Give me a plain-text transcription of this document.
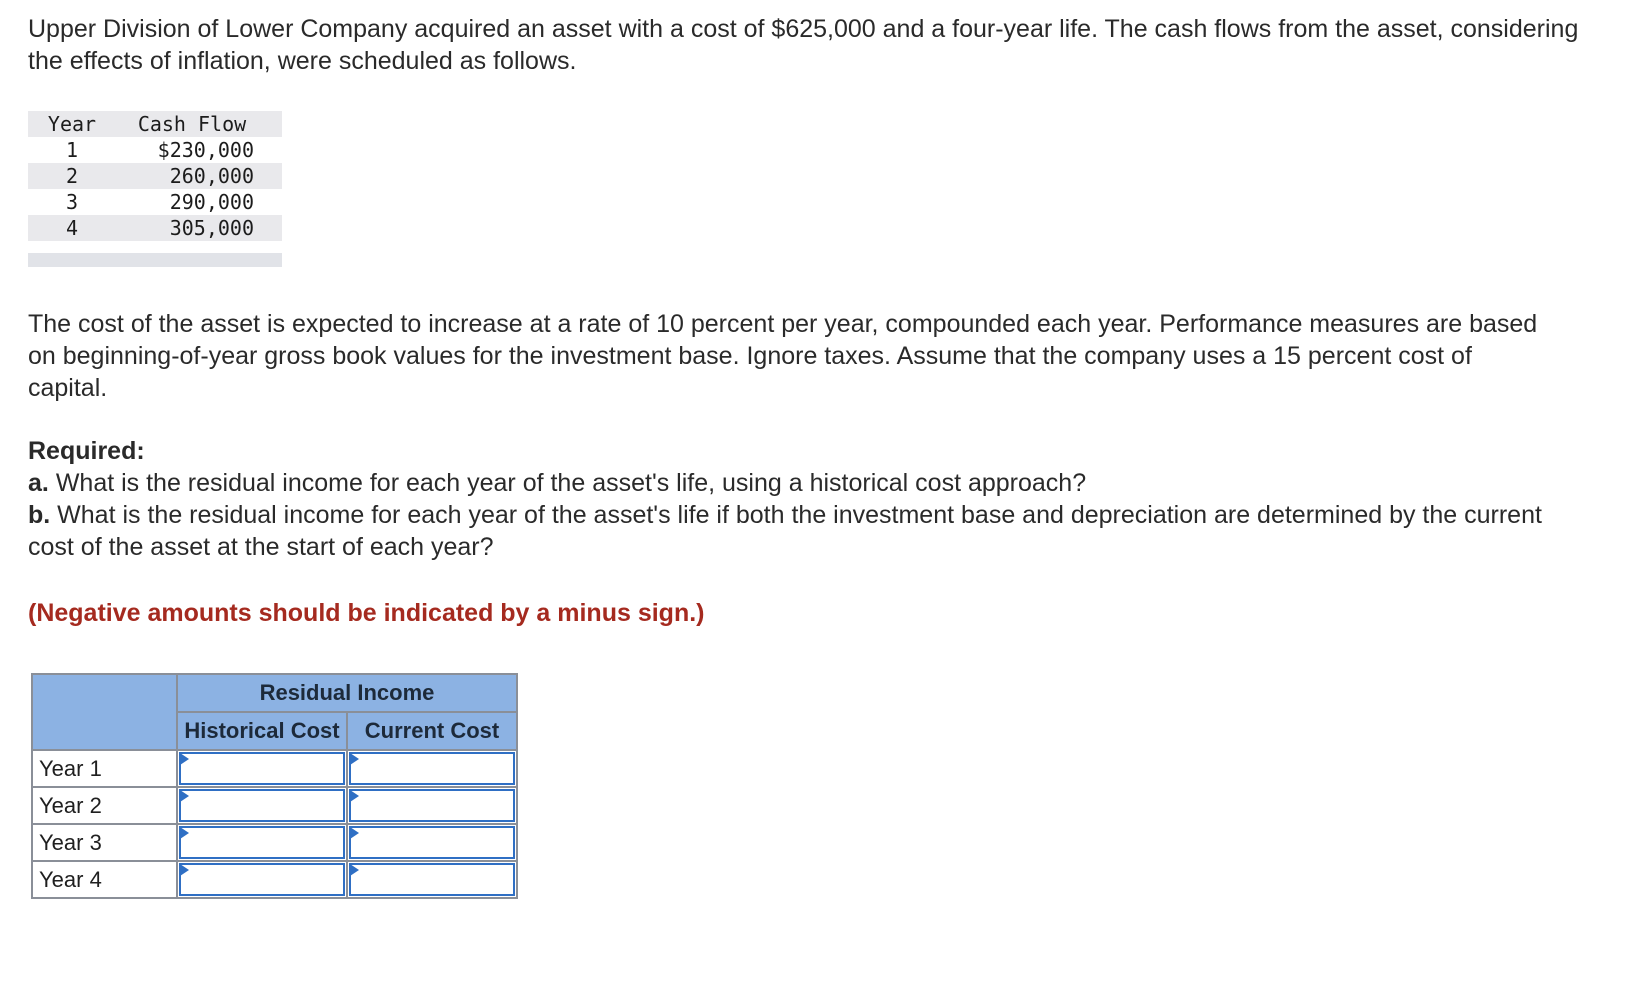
Upper Division of Lower Company acquired an asset with a cost of $625,000 and a four-year life. The cash flows from the asset, considering the effects of inflation, were scheduled as follows.

Year	Cash Flow
1	$230,000
2	260,000
3	290,000
4	305,000

The cost of the asset is expected to increase at a rate of 10 percent per year, compounded each year. Performance measures are based on beginning-of-year gross book values for the investment base. Ignore taxes. Assume that the company uses a 15 percent cost of capital.

Required:
a. What is the residual income for each year of the asset's life, using a historical cost approach?
b. What is the residual income for each year of the asset's life if both the investment base and depreciation are determined by the current cost of the asset at the start of each year?

(Negative amounts should be indicated by a minus sign.)

	Residual Income	
	Historical Cost	Current Cost
Year 1	

Year 2	

Year 3	

Year 4	
